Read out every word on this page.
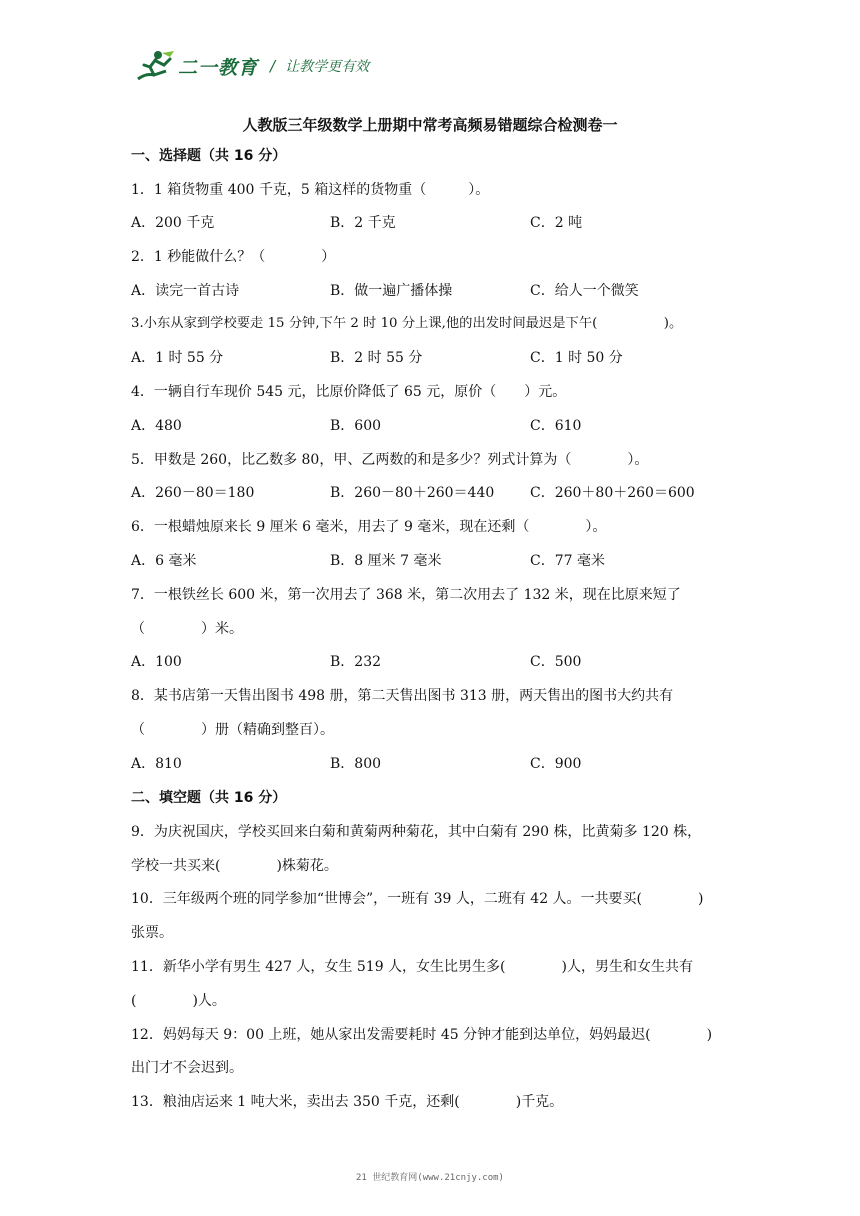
二一教育 / 让教学更有效
人教版三年级数学上册期中常考高频易错题综合检测卷一
一、选择题（共 16 分）
1．1 箱货物重 400 千克，5 箱这样的货物重（　　　）。
A．200 千克	B．2 千克	C．2 吨
2．1 秒能做什么？（　　　　）
A．读完一首古诗	B．做一遍广播体操	C．给人一个微笑
3.小东从家到学校要走 15 分钟,下午 2 时 10 分上课,他的出发时间最迟是下午(　　　　　)。
A．1 时 55 分	B．2 时 55 分	C．1 时 50 分
4．一辆自行车现价 545 元，比原价降低了 65 元，原价（　　）元。
A．480	B．600	C．610
5．甲数是 260，比乙数多 80，甲、乙两数的和是多少？列式计算为（　　　　）。
A．260－80＝180	B．260－80＋260＝440	C．260＋80＋260＝600
6．一根蜡烛原来长 9 厘米 6 毫米，用去了 9 毫米，现在还剩（　　　　）。
A．6 毫米	B．8 厘米 7 毫米	C．77 毫米
7．一根铁丝长 600 米，第一次用去了 368 米，第二次用去了 132 米，现在比原来短了
（　　　　）米。
A．100	B．232	C．500
8．某书店第一天售出图书 498 册，第二天售出图书 313 册，两天售出的图书大约共有
（　　　　）册（精确到整百）。
A．810	B．800	C．900
二、填空题（共 16 分）
9．为庆祝国庆，学校买回来白菊和黄菊两种菊花，其中白菊有 290 株，比黄菊多 120 株，
学校一共买来(　　　　)株菊花。
10．三年级两个班的同学参加“世博会”，一班有 39 人，二班有 42 人。一共要买(　　　　)
张票。
11．新华小学有男生 427 人，女生 519 人，女生比男生多(　　　　)人，男生和女生共有
(　　　　)人。
12．妈妈每天 9：00 上班，她从家出发需要耗时 45 分钟才能到达单位，妈妈最迟(　　　　)
出门才不会迟到。
13．粮油店运来 1 吨大米，卖出去 350 千克，还剩(　　　　)千克。
21 世纪教育网(www.21cnjy.com)
